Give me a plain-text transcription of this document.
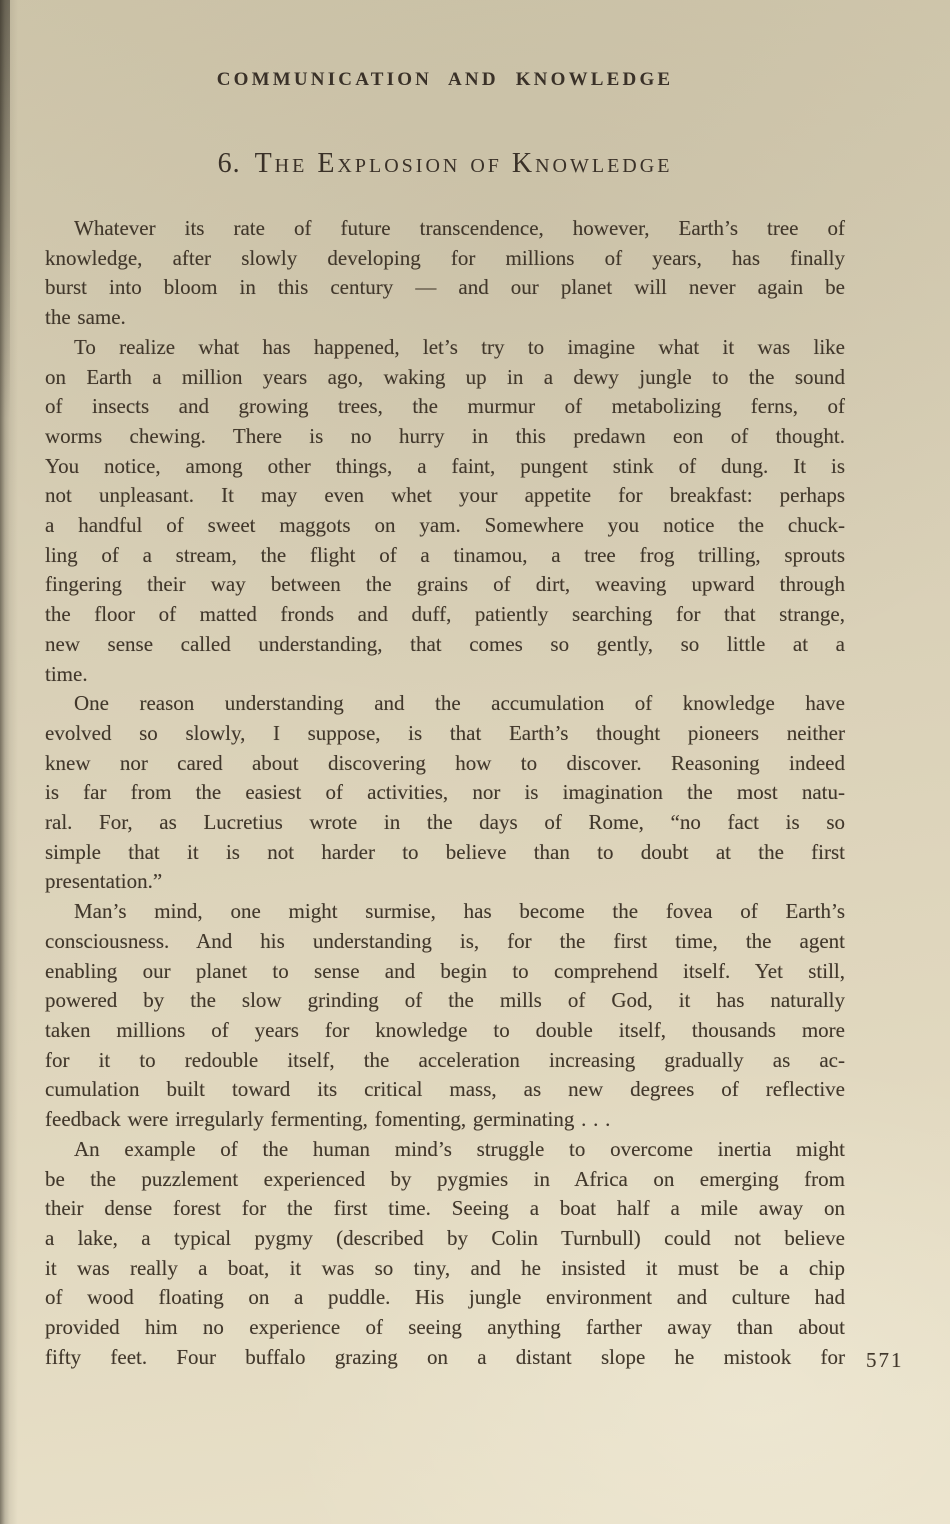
COMMUNICATION AND KNOWLEDGE
6. The Explosion of Knowledge
Whatever its rate of future transcendence, however, Earth’s tree of
knowledge, after slowly developing for millions of years, has finally
burst into bloom in this century — and our planet will never again be
the same.
To realize what has happened, let’s try to imagine what it was like
on Earth a million years ago, waking up in a dewy jungle to the sound
of insects and growing trees, the murmur of metabolizing ferns, of
worms chewing. There is no hurry in this predawn eon of thought.
You notice, among other things, a faint, pungent stink of dung. It is
not unpleasant. It may even whet your appetite for breakfast: perhaps
a handful of sweet maggots on yam. Somewhere you notice the chuck-
ling of a stream, the flight of a tinamou, a tree frog trilling, sprouts
fingering their way between the grains of dirt, weaving upward through
the floor of matted fronds and duff, patiently searching for that strange,
new sense called understanding, that comes so gently, so little at a
time.
One reason understanding and the accumulation of knowledge have
evolved so slowly, I suppose, is that Earth’s thought pioneers neither
knew nor cared about discovering how to discover. Reasoning indeed
is far from the easiest of activities, nor is imagination the most natu-
ral. For, as Lucretius wrote in the days of Rome, “no fact is so
simple that it is not harder to believe than to doubt at the first
presentation.”
Man’s mind, one might surmise, has become the fovea of Earth’s
consciousness. And his understanding is, for the first time, the agent
enabling our planet to sense and begin to comprehend itself. Yet still,
powered by the slow grinding of the mills of God, it has naturally
taken millions of years for knowledge to double itself, thousands more
for it to redouble itself, the acceleration increasing gradually as ac-
cumulation built toward its critical mass, as new degrees of reflective
feedback were irregularly fermenting, fomenting, germinating . . .
An example of the human mind’s struggle to overcome inertia might
be the puzzlement experienced by pygmies in Africa on emerging from
their dense forest for the first time. Seeing a boat half a mile away on
a lake, a typical pygmy (described by Colin Turnbull) could not believe
it was really a boat, it was so tiny, and he insisted it must be a chip
of wood floating on a puddle. His jungle environment and culture had
provided him no experience of seeing anything farther away than about
fifty feet. Four buffalo grazing on a distant slope he mistook for 571
